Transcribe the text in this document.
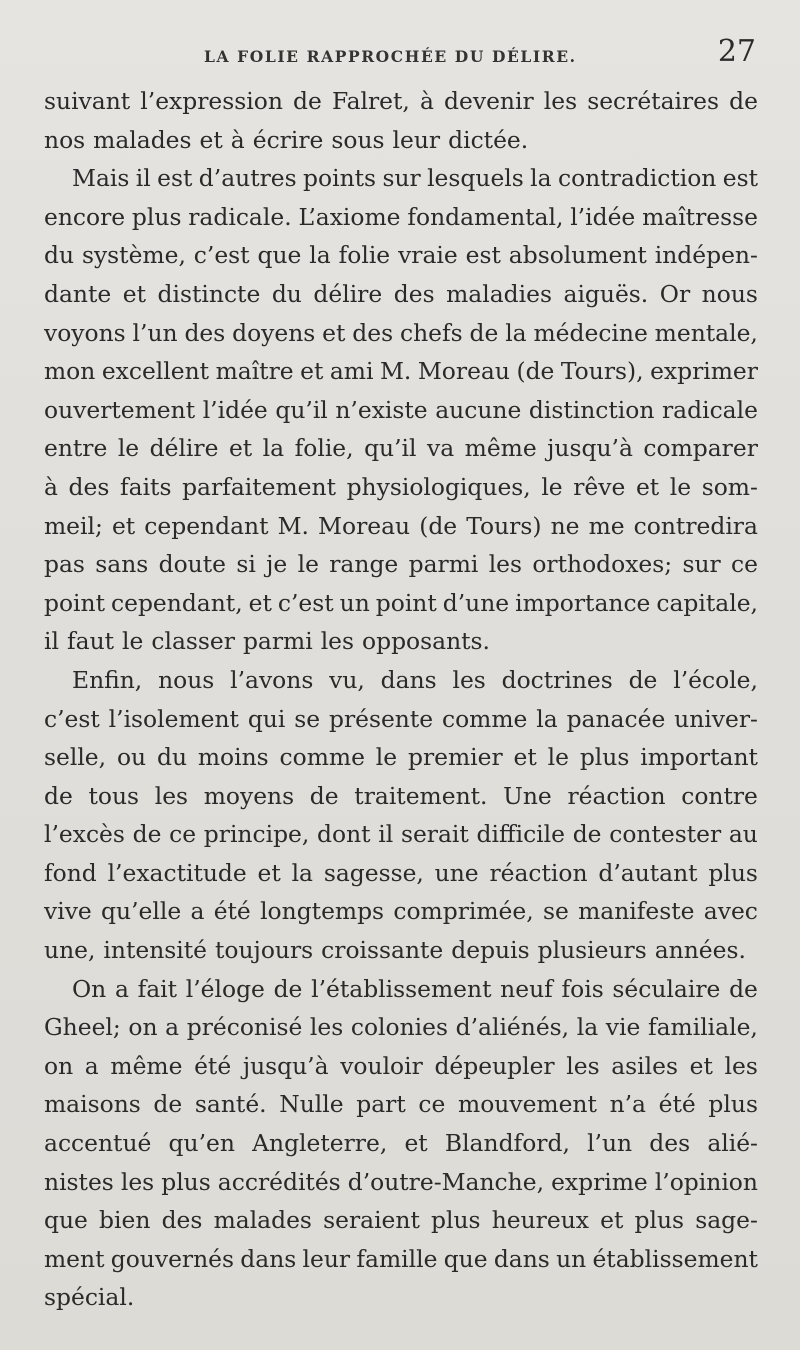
LA FOLIE RAPPROCHÉE DU DÉLIRE.	27
suivant l’expression de Falret, à devenir les secrétaires de
nos malades et à écrire sous leur dictée.
Mais il est d’autres points sur lesquels la contradiction est
encore plus radicale. L’axiome fondamental, l’idée maîtresse
du système, c’est que la folie vraie est absolument indépen-
dante et distincte du délire des maladies aiguës. Or nous
voyons l’un des doyens et des chefs de la médecine mentale,
mon excellent maître et ami M. Moreau (de Tours), exprimer
ouvertement l’idée qu’il n’existe aucune distinction radicale
entre le délire et la folie, qu’il va même jusqu’à comparer
à des faits parfaitement physiologiques, le rêve et le som-
meil; et cependant M. Moreau (de Tours) ne me contredira
pas sans doute si je le range parmi les orthodoxes; sur ce
point cependant, et c’est un point d’une importance capitale,
il faut le classer parmi les opposants.
Enfin, nous l’avons vu, dans les doctrines de l’école,
c’est l’isolement qui se présente comme la panacée univer-
selle, ou du moins comme le premier et le plus important
de tous les moyens de traitement. Une réaction contre
l’excès de ce principe, dont il serait difficile de contester au
fond l’exactitude et la sagesse, une réaction d’autant plus
vive qu’elle a été longtemps comprimée, se manifeste avec
une, intensité toujours croissante depuis plusieurs années.
On a fait l’éloge de l’établissement neuf fois séculaire de
Gheel; on a préconisé les colonies d’aliénés, la vie familiale,
on a même été jusqu’à vouloir dépeupler les asiles et les
maisons de santé. Nulle part ce mouvement n’a été plus
accentué qu’en Angleterre, et Blandford, l’un des alié-
nistes les plus accrédités d’outre-Manche, exprime l’opinion
que bien des malades seraient plus heureux et plus sage-
ment gouvernés dans leur famille que dans un établissement
spécial.
